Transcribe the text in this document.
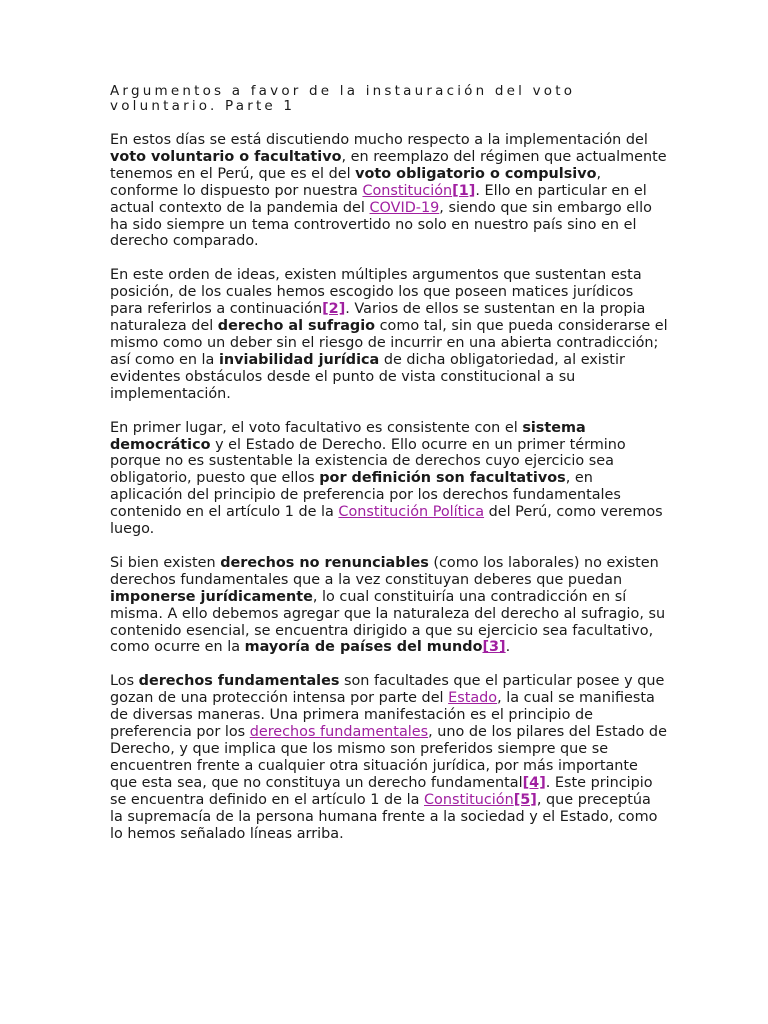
Argumentos a favor de la instauración del voto voluntario. Parte 1

En estos días se está discutiendo mucho respecto a la implementación del voto voluntario o facultativo, en reemplazo del régimen que actualmente tenemos en el Perú, que es el del voto obligatorio o compulsivo, conforme lo dispuesto por nuestra Constitución[1]. Ello en particular en el actual contexto de la pandemia del COVID-19, siendo que sin embargo ello ha sido siempre un tema controvertido no solo en nuestro país sino en el derecho comparado.

En este orden de ideas, existen múltiples argumentos que sustentan esta posición, de los cuales hemos escogido los que poseen matices jurídicos para referirlos a continuación[2]. Varios de ellos se sustentan en la propia naturaleza del derecho al sufragio como tal, sin que pueda considerarse el mismo como un deber sin el riesgo de incurrir en una abierta contradicción; así como en la inviabilidad jurídica de dicha obligatoriedad, al existir evidentes obstáculos desde el punto de vista constitucional a su implementación.

En primer lugar, el voto facultativo es consistente con el sistema democrático y el Estado de Derecho. Ello ocurre en un primer término porque no es sustentable la existencia de derechos cuyo ejercicio sea obligatorio, puesto que ellos por definición son facultativos, en aplicación del principio de preferencia por los derechos fundamentales contenido en el artículo 1 de la Constitución Política del Perú, como veremos luego.

Si bien existen derechos no renunciables (como los laborales) no existen derechos fundamentales que a la vez constituyan deberes que puedan imponerse jurídicamente, lo cual constituiría una contradicción en sí misma. A ello debemos agregar que la naturaleza del derecho al sufragio, su contenido esencial, se encuentra dirigido a que su ejercicio sea facultativo, como ocurre en la mayoría de países del mundo[3].

Los derechos fundamentales son facultades que el particular posee y que gozan de una protección intensa por parte del Estado, la cual se manifiesta de diversas maneras. Una primera manifestación es el principio de preferencia por los derechos fundamentales, uno de los pilares del Estado de Derecho, y que implica que los mismo son preferidos siempre que se encuentren frente a cualquier otra situación jurídica, por más importante que esta sea, que no constituya un derecho fundamental[4]. Este principio se encuentra definido en el artículo 1 de la Constitución[5], que preceptúa la supremacía de la persona humana frente a la sociedad y el Estado, como lo hemos señalado líneas arriba.
